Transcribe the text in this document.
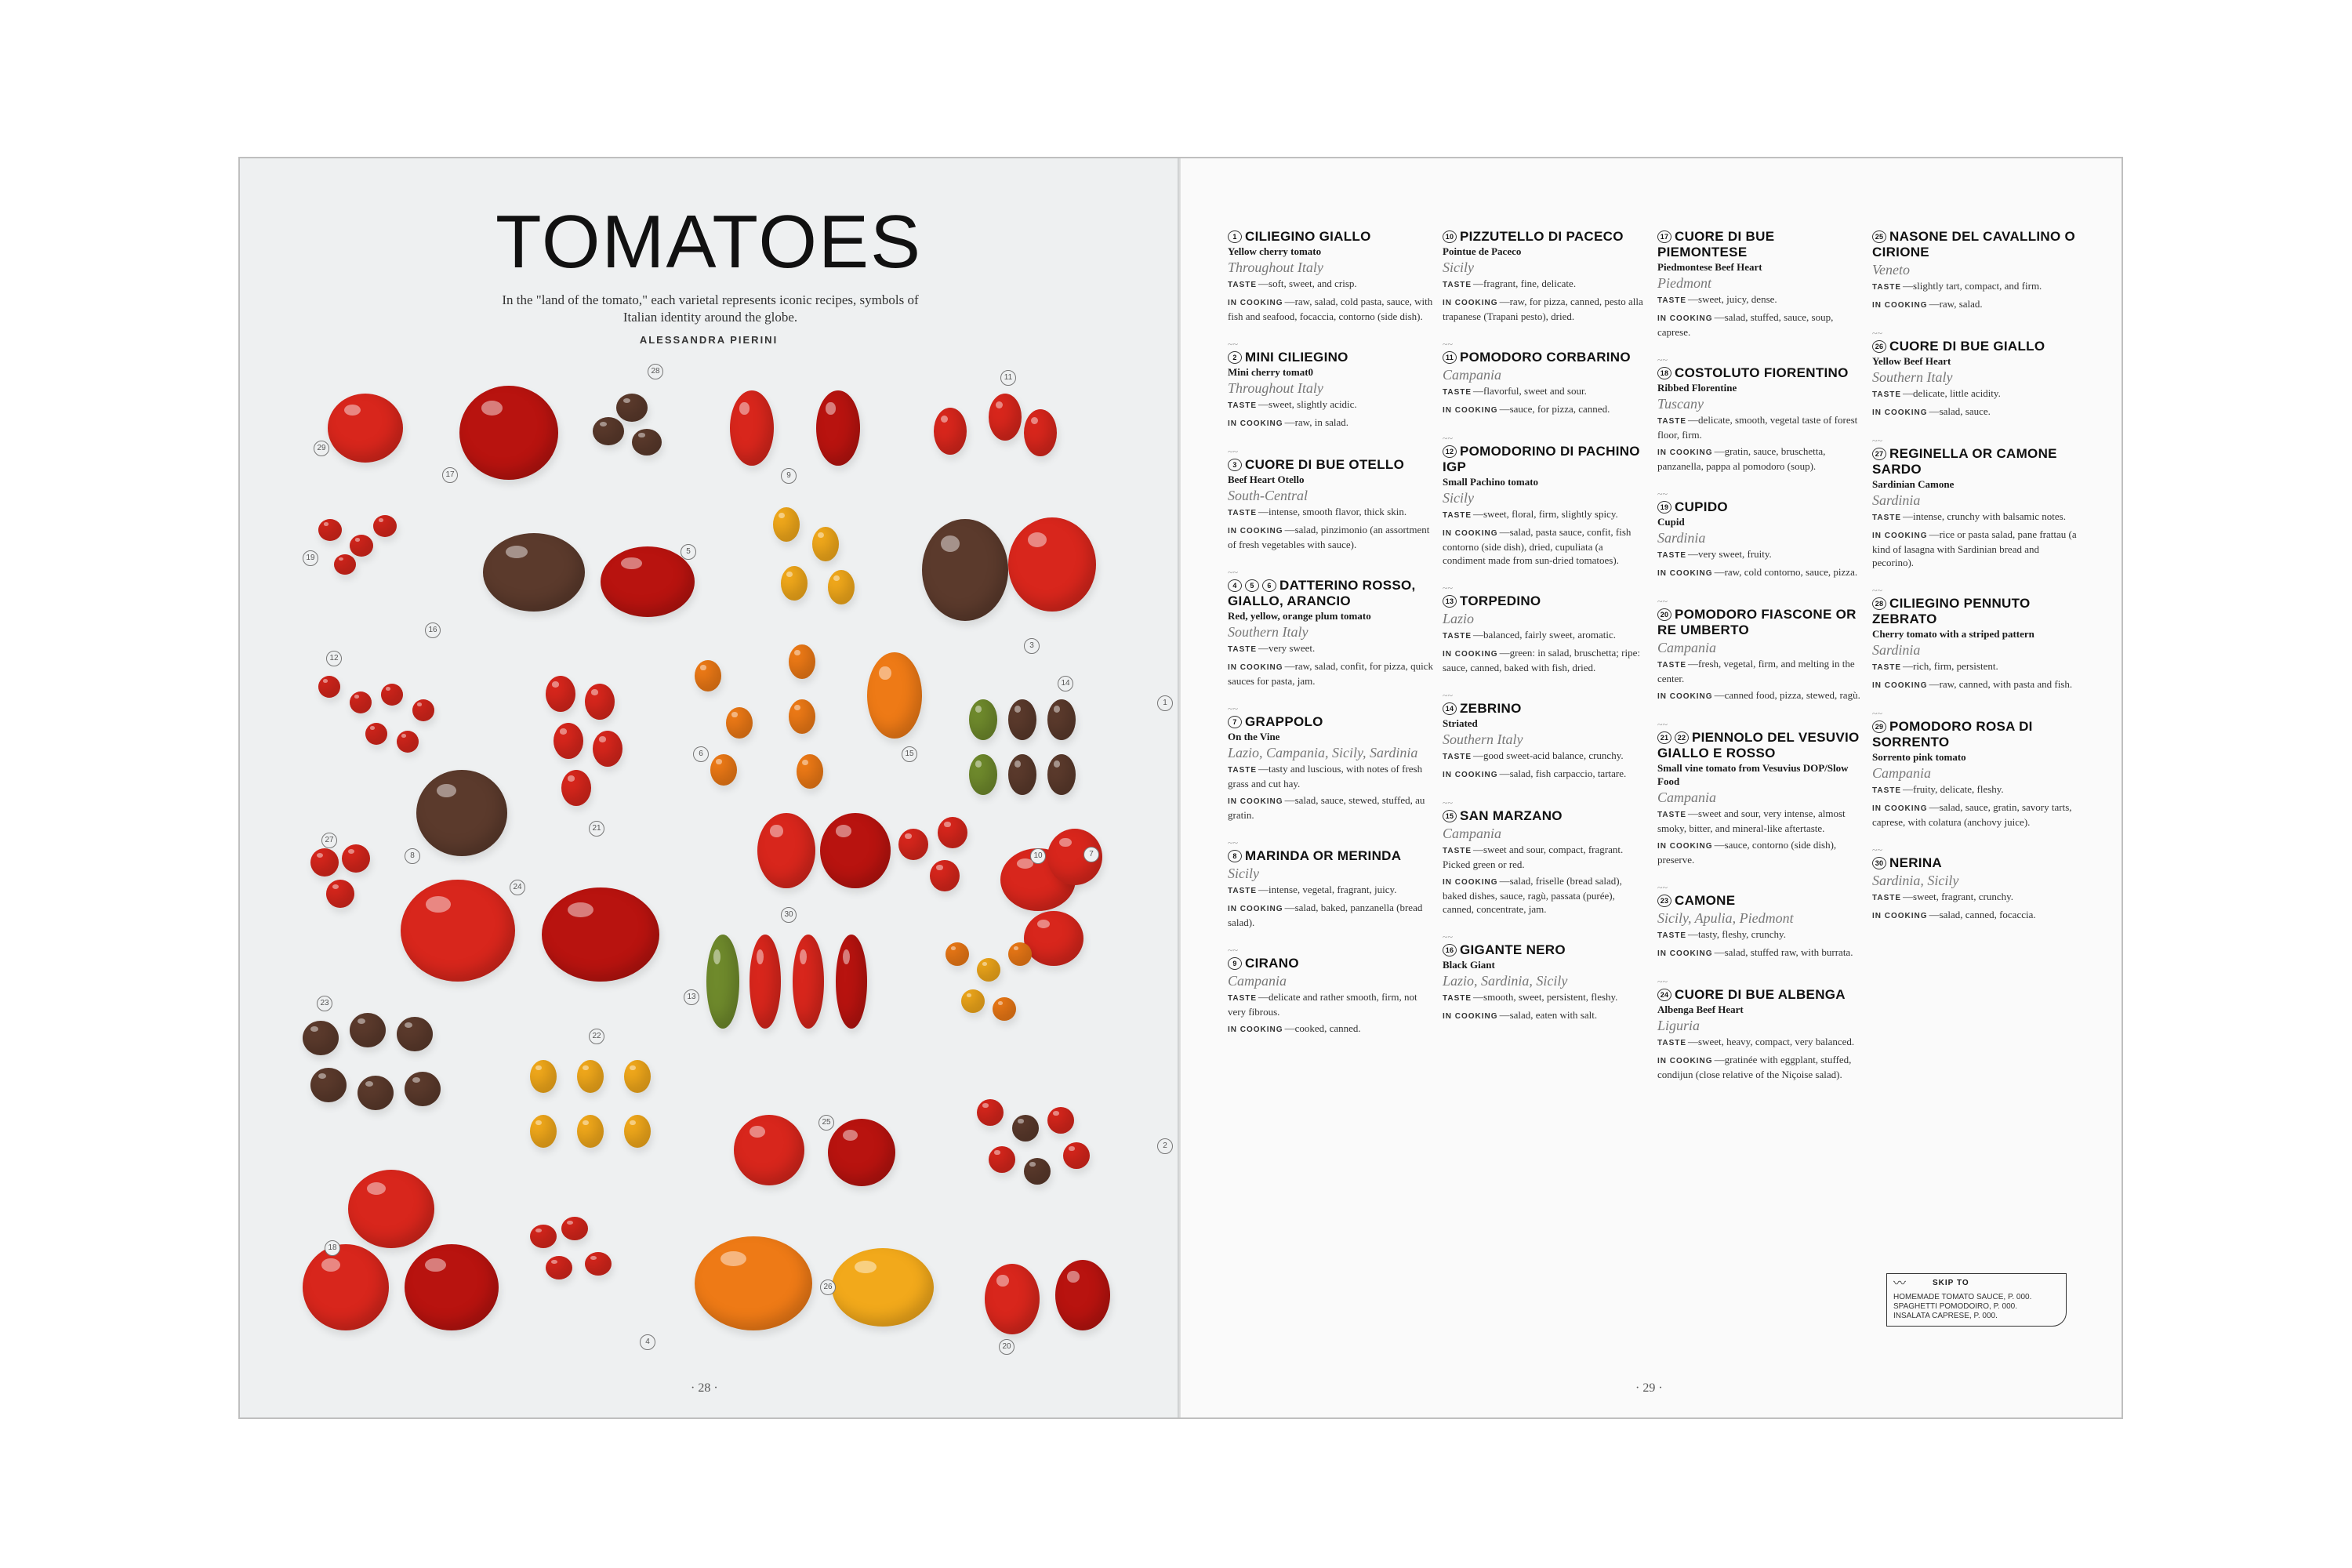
TOMATOES
In the "land of the tomato," each varietal represents iconic recipes, symbols of Italian identity around the globe.
ALESSANDRA PIERINI
1
2
3
4
5
6
7
8
9
10
11
12
13
14
15
16
17
18
19
20
21
22
23
24
25
26
27
28
29
30
· 28 ·
1 CILIEGINO GIALLO
Yellow cherry tomato
Throughout Italy
TASTE —soft, sweet, and crisp.
IN COOKING —raw, salad, cold pasta, sauce, with fish and seafood, focaccia, contorno (side dish).
~~
2 MINI CILIEGINO
Mini cherry tomat0
Throughout Italy
TASTE —sweet, slightly acidic.
IN COOKING —raw, in salad.
~~
3 CUORE DI BUE OTELLO
Beef Heart Otello
South-Central
TASTE —intense, smooth flavor, thick skin.
IN COOKING —salad, pinzimonio (an assortment of fresh vegetables with sauce).
~~
4 5 6 DATTERINO ROSSO, GIALLO, ARANCIO
Red, yellow, orange plum tomato
Southern Italy
TASTE —very sweet.
IN COOKING —raw, salad, confit, for pizza, quick sauces for pasta, jam.
~~
7 GRAPPOLO
On the Vine
Lazio, Campania, Sicily, Sardinia
TASTE —tasty and luscious, with notes of fresh grass and cut hay.
IN COOKING —salad, sauce, stewed, stuffed, au gratin.
~~
8 MARINDA OR MERINDA
Sicily
TASTE —intense, vegetal, fragrant, juicy.
IN COOKING —salad, baked, panzanella (bread salad).
~~
9 CIRANO
Campania
TASTE —delicate and rather smooth, firm, not very fibrous.
IN COOKING —cooked, canned.
10 PIZZUTELLO DI PACECO
Pointue de Paceco
Sicily
TASTE —fragrant, fine, delicate.
IN COOKING —raw, for pizza, canned, pesto alla trapanese (Trapani pesto), dried.
~~
11 POMODORO CORBARINO
Campania
TASTE —flavorful, sweet and sour.
IN COOKING —sauce, for pizza, canned.
~~
12 POMODORINO DI PACHINO IGP
Small Pachino tomato
Sicily
TASTE —sweet, floral, firm, slightly spicy.
IN COOKING —salad, pasta sauce, confit, fish contorno (side dish), dried, cupuliata (a condiment made from sun-dried tomatoes).
~~
13 TORPEDINO
Lazio
TASTE —balanced, fairly sweet, aromatic.
IN COOKING —green: in salad, bruschetta; ripe: sauce, canned, baked with fish, dried.
~~
14 ZEBRINO
Striated
Southern Italy
TASTE —good sweet-acid balance, crunchy.
IN COOKING —salad, fish carpaccio, tartare.
~~
15 SAN MARZANO
Campania
TASTE —sweet and sour, compact, fragrant. Picked green or red.
IN COOKING —salad, friselle (bread salad), baked dishes, sauce, ragù, passata (purée), canned, concentrate, jam.
~~
16 GIGANTE NERO
Black Giant
Lazio, Sardinia, Sicily
TASTE —smooth, sweet, persistent, fleshy.
IN COOKING —salad, eaten with salt.
17 CUORE DI BUE PIEMONTESE
Piedmontese Beef Heart
Piedmont
TASTE —sweet, juicy, dense.
IN COOKING —salad, stuffed, sauce, soup, caprese.
~~
18 COSTOLUTO FIORENTINO
Ribbed Florentine
Tuscany
TASTE —delicate, smooth, vegetal taste of forest floor, firm.
IN COOKING —gratin, sauce, bruschetta, panzanella, pappa al pomodoro (soup).
~~
19 CUPIDO
Cupid
Sardinia
TASTE —very sweet, fruity.
IN COOKING —raw, cold contorno, sauce, pizza.
~~
20 POMODORO FIASCONE OR RE UMBERTO
Campania
TASTE —fresh, vegetal, firm, and melting in the center.
IN COOKING —canned food, pizza, stewed, ragù.
~~
21 22 PIENNOLO DEL VESUVIO GIALLO E ROSSO
Small vine tomato from Vesuvius DOP/Slow Food
Campania
TASTE —sweet and sour, very intense, almost smoky, bitter, and mineral-like aftertaste.
IN COOKING —sauce, contorno (side dish), preserve.
~~
23 CAMONE
Sicily, Apulia, Piedmont
TASTE —tasty, fleshy, crunchy.
IN COOKING —salad, stuffed raw, with burrata.
~~
24 CUORE DI BUE ALBENGA
Albenga Beef Heart
Liguria
TASTE —sweet, heavy, compact, very balanced.
IN COOKING —gratinée with eggplant, stuffed, condijun (close relative of the Niçoise salad).
25 NASONE DEL CAVALLINO O CIRIONE
Veneto
TASTE —slightly tart, compact, and firm.
IN COOKING —raw, salad.
~~
26 CUORE DI BUE GIALLO
Yellow Beef Heart
Southern Italy
TASTE —delicate, little acidity.
IN COOKING —salad, sauce.
~~
27 REGINELLA OR CAMONE SARDO
Sardinian Camone
Sardinia
TASTE —intense, crunchy with balsamic notes.
IN COOKING —rice or pasta salad, pane frattau (a kind of lasagna with Sardinian bread and pecorino).
~~
28 CILIEGINO PENNUTO ZEBRATO
Cherry tomato with a striped pattern
Sardinia
TASTE —rich, firm, persistent.
IN COOKING —raw, canned, with pasta and fish.
~~
29 POMODORO ROSA DI SORRENTO
Sorrento pink tomato
Campania
TASTE —fruity, delicate, fleshy.
IN COOKING —salad, sauce, gratin, savory tarts, caprese, with colatura (anchovy juice).
~~
30 NERINA
Sardinia, Sicily
TASTE —sweet, fragrant, crunchy.
IN COOKING —salad, canned, focaccia.
〰	SKIP TO
HOMEMADE TOMATO SAUCE, P. 000.
SPAGHETTI POMODOIRO, P. 000.
INSALATA CAPRESE, P. 000.
· 29 ·
